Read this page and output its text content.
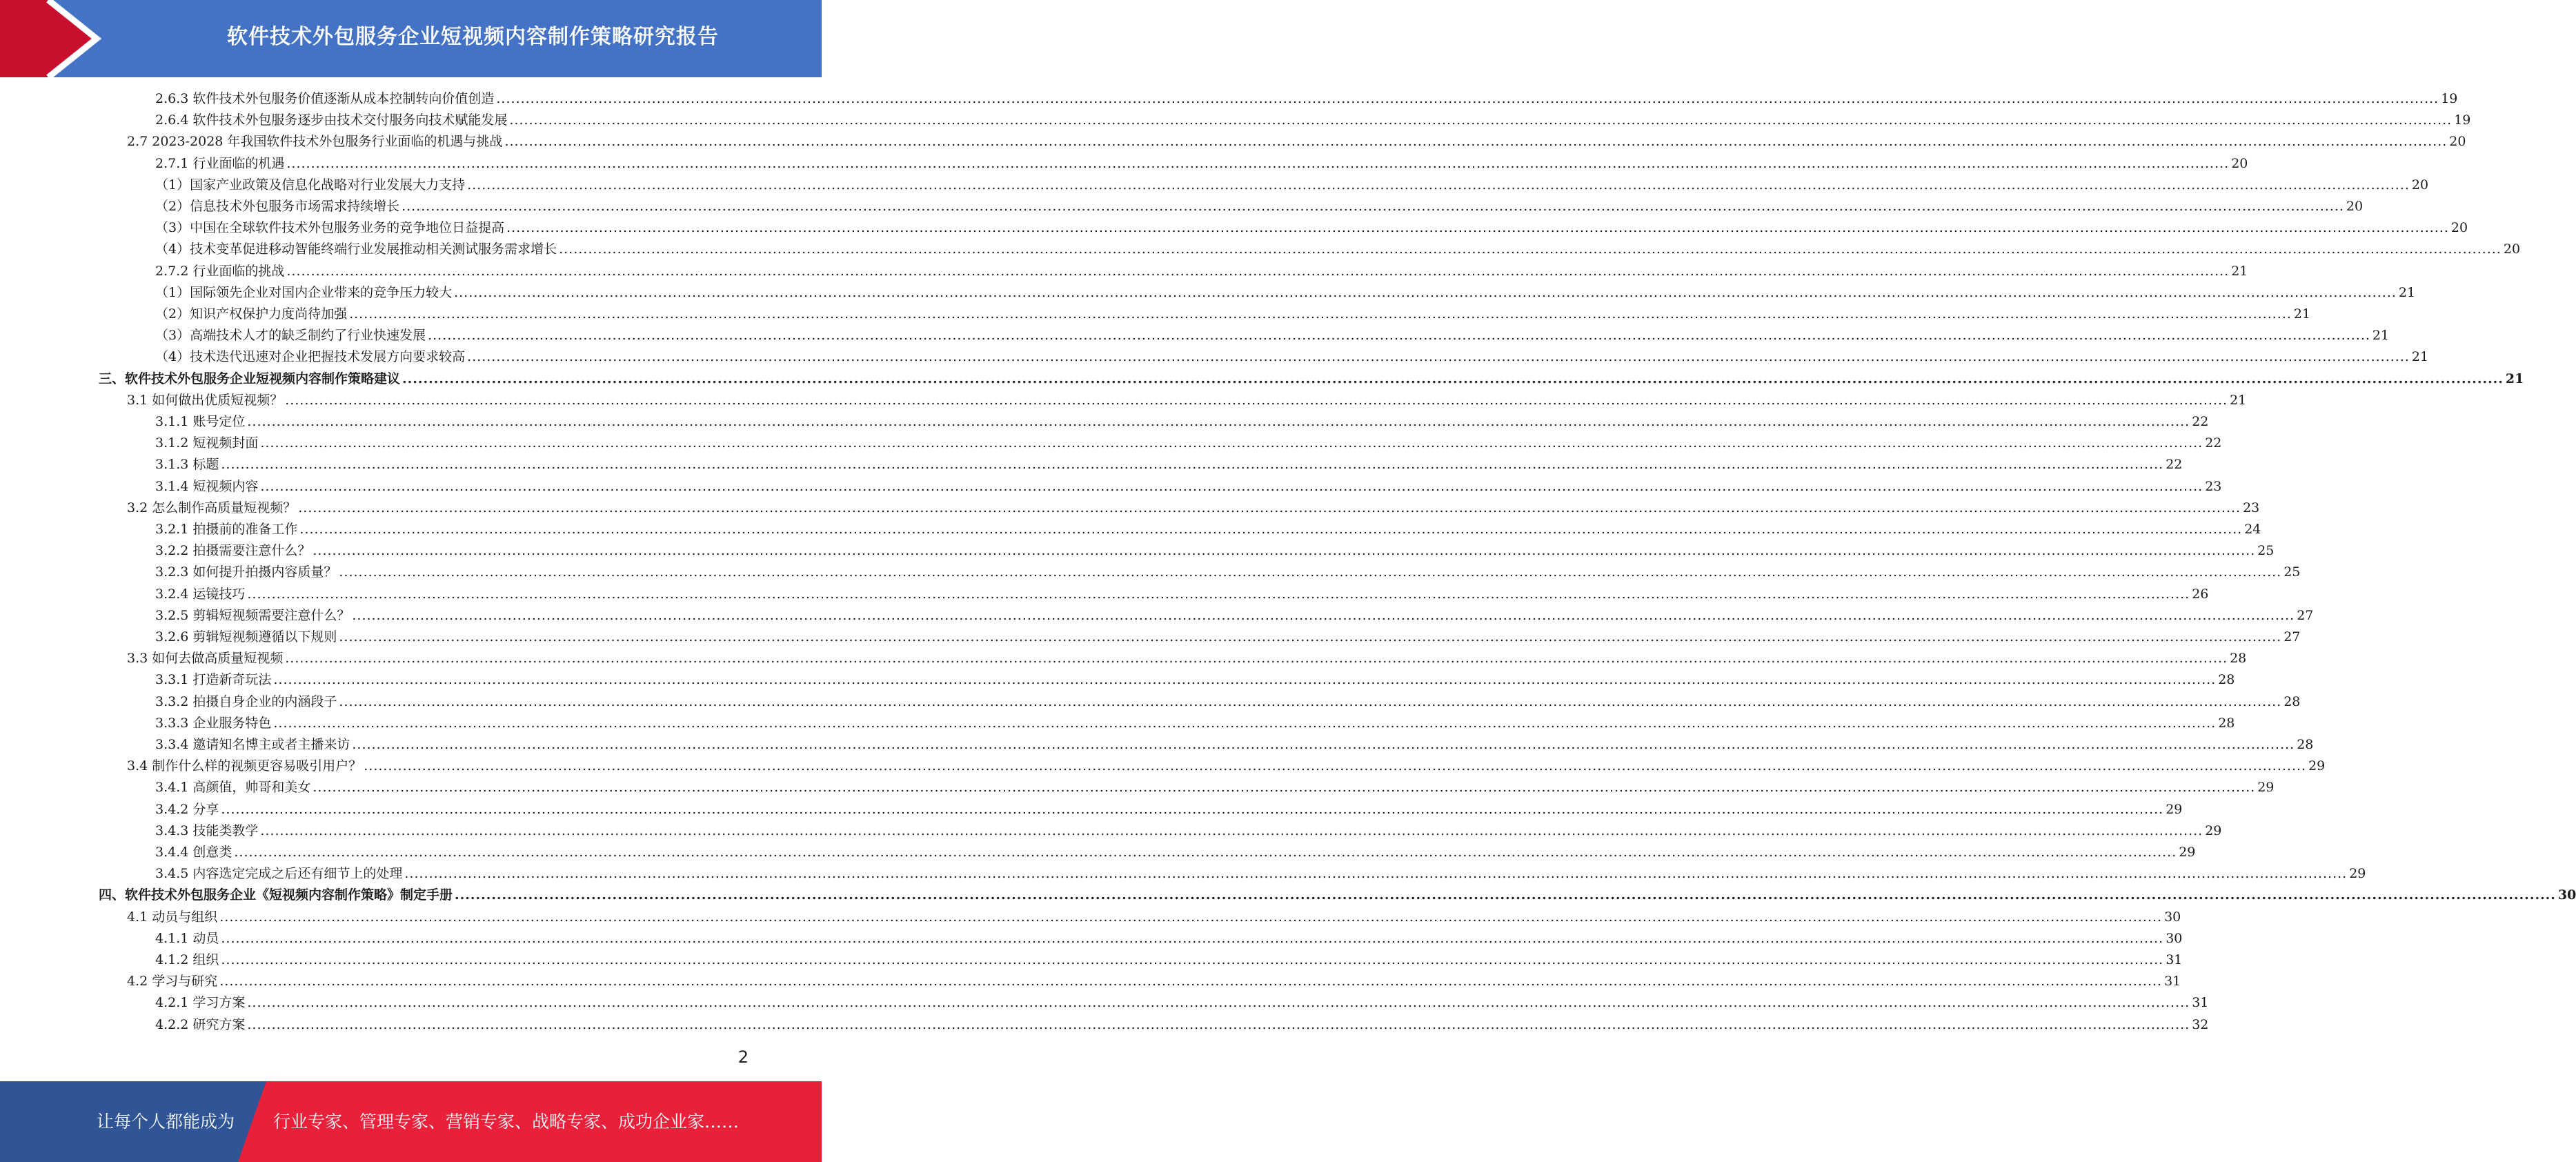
软件技术外包服务企业短视频内容制作策略研究报告
2.6.3 软件技术外包服务价值逐渐从成本控制转向价值创造 ................................................................................................................................................................................................................................................................................................................................................................................................................ 19
2.6.4 软件技术外包服务逐步由技术交付服务向技术赋能发展 ................................................................................................................................................................................................................................................................................................................................................................................................................ 19
2.7 2023-2028 年我国软件技术外包服务行业面临的机遇与挑战 ................................................................................................................................................................................................................................................................................................................................................................................................................ 20
2.7.1 行业面临的机遇 ................................................................................................................................................................................................................................................................................................................................................................................................................ 20
（1）国家产业政策及信息化战略对行业发展大力支持 ................................................................................................................................................................................................................................................................................................................................................................................................................ 20
（2）信息技术外包服务市场需求持续增长 ................................................................................................................................................................................................................................................................................................................................................................................................................ 20
（3）中国在全球软件技术外包服务业务的竞争地位日益提高 ................................................................................................................................................................................................................................................................................................................................................................................................................ 20
（4）技术变革促进移动智能终端行业发展推动相关测试服务需求增长 ................................................................................................................................................................................................................................................................................................................................................................................................................ 20
2.7.2 行业面临的挑战 ................................................................................................................................................................................................................................................................................................................................................................................................................ 21
（1）国际领先企业对国内企业带来的竞争压力较大 ................................................................................................................................................................................................................................................................................................................................................................................................................ 21
（2）知识产权保护力度尚待加强 ................................................................................................................................................................................................................................................................................................................................................................................................................ 21
（3）高端技术人才的缺乏制约了行业快速发展 ................................................................................................................................................................................................................................................................................................................................................................................................................ 21
（4）技术迭代迅速对企业把握技术发展方向要求较高 ................................................................................................................................................................................................................................................................................................................................................................................................................ 21
三、软件技术外包服务企业短视频内容制作策略建议 ................................................................................................................................................................................................................................................................................................................................................................................................................ 21
3.1 如何做出优质短视频？ ................................................................................................................................................................................................................................................................................................................................................................................................................ 21
3.1.1 账号定位 ................................................................................................................................................................................................................................................................................................................................................................................................................ 22
3.1.2 短视频封面 ................................................................................................................................................................................................................................................................................................................................................................................................................ 22
3.1.3 标题 ................................................................................................................................................................................................................................................................................................................................................................................................................ 22
3.1.4 短视频内容 ................................................................................................................................................................................................................................................................................................................................................................................................................ 23
3.2 怎么制作高质量短视频？ ................................................................................................................................................................................................................................................................................................................................................................................................................ 23
3.2.1 拍摄前的准备工作 ................................................................................................................................................................................................................................................................................................................................................................................................................ 24
3.2.2 拍摄需要注意什么？ ................................................................................................................................................................................................................................................................................................................................................................................................................ 25
3.2.3 如何提升拍摄内容质量？ ................................................................................................................................................................................................................................................................................................................................................................................................................ 25
3.2.4 运镜技巧 ................................................................................................................................................................................................................................................................................................................................................................................................................ 26
3.2.5 剪辑短视频需要注意什么？ ................................................................................................................................................................................................................................................................................................................................................................................................................ 27
3.2.6 剪辑短视频遵循以下规则 ................................................................................................................................................................................................................................................................................................................................................................................................................ 27
3.3 如何去做高质量短视频 ................................................................................................................................................................................................................................................................................................................................................................................................................ 28
3.3.1 打造新奇玩法 ................................................................................................................................................................................................................................................................................................................................................................................................................ 28
3.3.2 拍摄自身企业的内涵段子 ................................................................................................................................................................................................................................................................................................................................................................................................................ 28
3.3.3 企业服务特色 ................................................................................................................................................................................................................................................................................................................................................................................................................ 28
3.3.4 邀请知名博主或者主播来访 ................................................................................................................................................................................................................................................................................................................................................................................................................ 28
3.4 制作什么样的视频更容易吸引用户？ ................................................................................................................................................................................................................................................................................................................................................................................................................ 29
3.4.1 高颜值，帅哥和美女 ................................................................................................................................................................................................................................................................................................................................................................................................................ 29
3.4.2 分享 ................................................................................................................................................................................................................................................................................................................................................................................................................ 29
3.4.3 技能类教学 ................................................................................................................................................................................................................................................................................................................................................................................................................ 29
3.4.4 创意类 ................................................................................................................................................................................................................................................................................................................................................................................................................ 29
3.4.5 内容选定完成之后还有细节上的处理 ................................................................................................................................................................................................................................................................................................................................................................................................................ 29
四、软件技术外包服务企业《短视频内容制作策略》制定手册 ................................................................................................................................................................................................................................................................................................................................................................................................................ 30
4.1 动员与组织 ................................................................................................................................................................................................................................................................................................................................................................................................................ 30
4.1.1 动员 ................................................................................................................................................................................................................................................................................................................................................................................................................ 30
4.1.2 组织 ................................................................................................................................................................................................................................................................................................................................................................................................................ 31
4.2 学习与研究 ................................................................................................................................................................................................................................................................................................................................................................................................................ 31
4.2.1 学习方案 ................................................................................................................................................................................................................................................................................................................................................................................................................ 31
4.2.2 研究方案 ................................................................................................................................................................................................................................................................................................................................................................................................................ 32
2
让每个人都能成为 行业专家、管理专家、营销专家、战略专家、成功企业家……
